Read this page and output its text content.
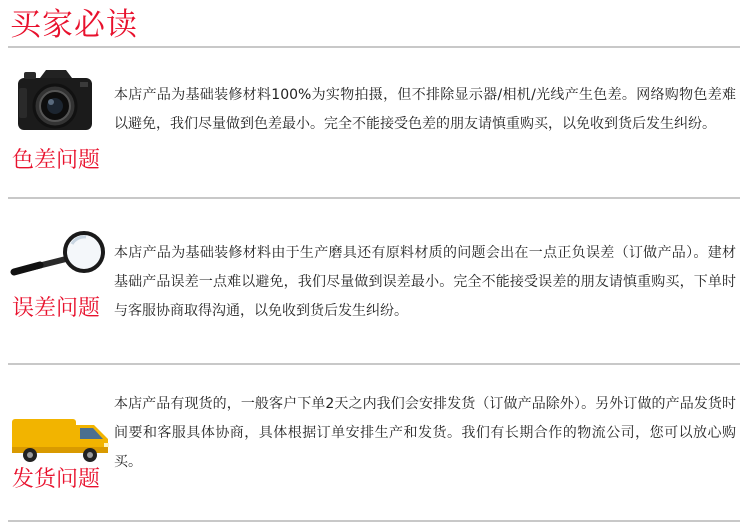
买家必读
色差问题
本店产品为基础装修材料100%为实物拍摄，但不排除显示器/相机/光线产生色差。网络购物色差难以避免，我们尽量做到色差最小。完全不能接受色差的朋友请慎重购买，以免收到货后发生纠纷。
误差问题
本店产品为基础装修材料由于生产磨具还有原料材质的问题会出在一点正负误差（订做产品）。建材基础产品误差一点难以避免，我们尽量做到误差最小。完全不能接受误差的朋友请慎重购买，下单时与客服协商取得沟通，以免收到货后发生纠纷。
发货问题
本店产品有现货的，一般客户下单2天之内我们会安排发货（订做产品除外）。另外订做的产品发货时间要和客服具体协商，具体根据订单安排生产和发货。我们有长期合作的物流公司，您可以放心购买。
